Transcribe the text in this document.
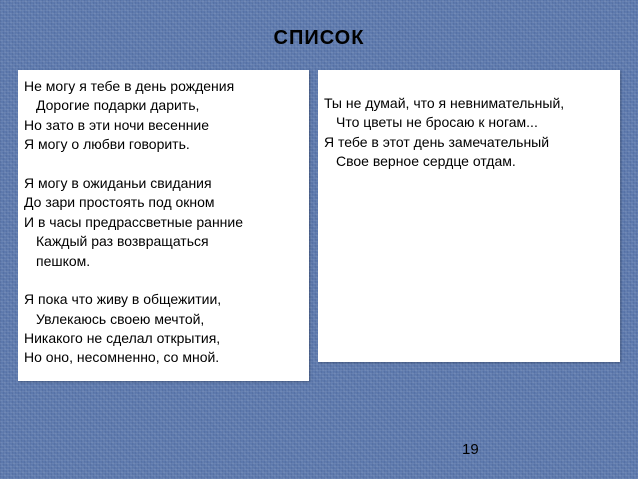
СПИСОК
Не могу я тебе в день рождения
Дорогие подарки дарить,
Но зато в эти ночи весенние
Я могу о любви говорить.
Я могу в ожиданьи свидания
До зари простоять под окном
И в часы предрассветные ранние
Каждый раз возвращаться
пешком.
Я пока что живу в общежитии,
Увлекаюсь своею мечтой,
Никакого не сделал открытия,
Но оно, несомненно, со мной.
Ты не думай, что я невнимательный,
Что цветы не бросаю к ногам...
Я тебе в этот день замечательный
Свое верное сердце отдам.
19
